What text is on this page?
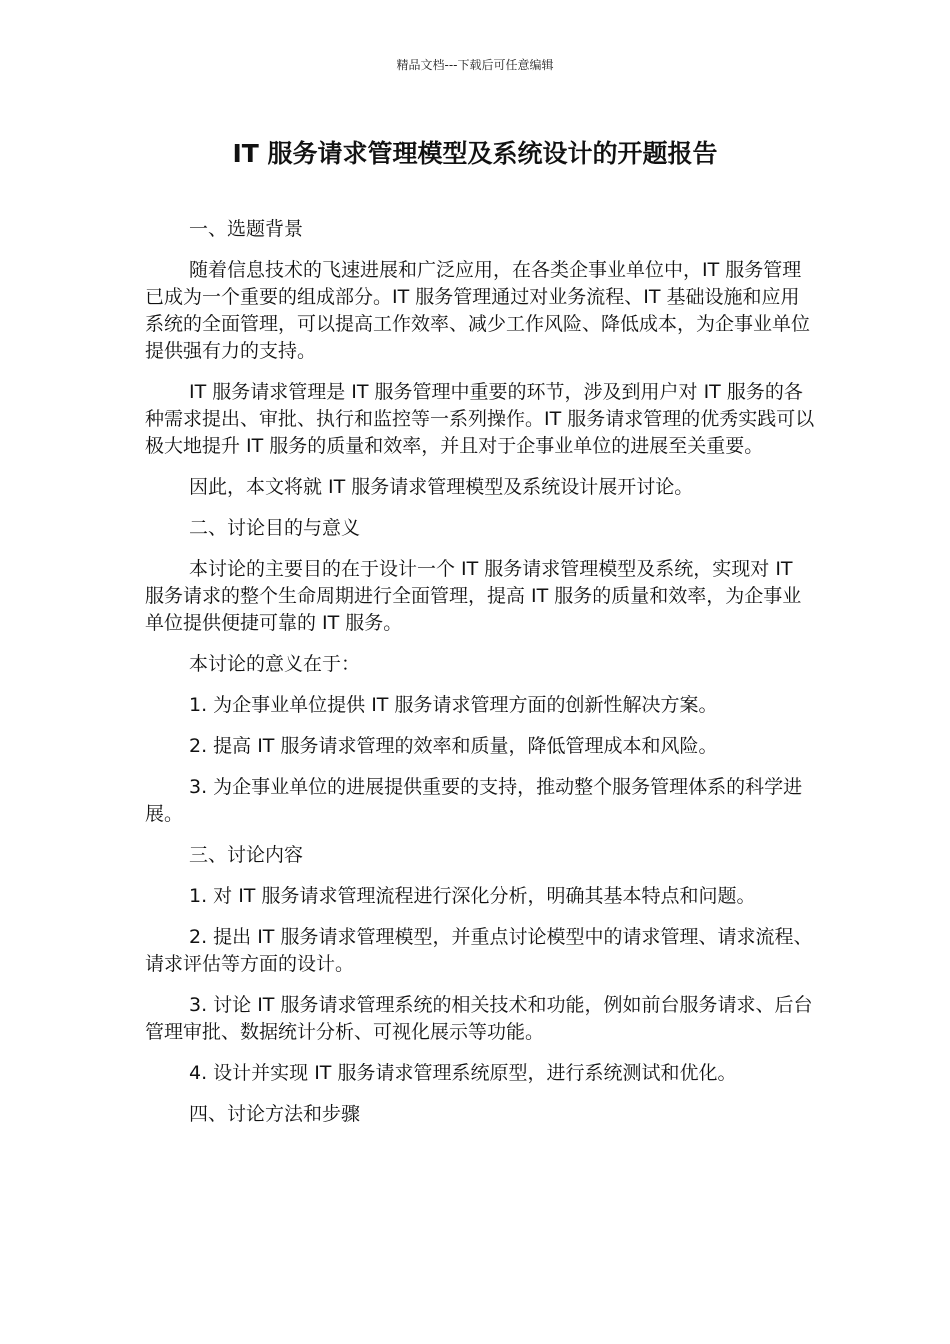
精品文档---下载后可任意编辑
IT 服务请求管理模型及系统设计的开题报告

一、选题背景

随着信息技术的飞速进展和广泛应用，在各类企事业单位中，IT 服务管理已成为一个重要的组成部分。IT 服务管理通过对业务流程、IT 基础设施和应用系统的全面管理，可以提高工作效率、减少工作风险、降低成本，为企事业单位提供强有力的支持。

IT 服务请求管理是 IT 服务管理中重要的环节，涉及到用户对 IT 服务的各种需求提出、审批、执行和监控等一系列操作。IT 服务请求管理的优秀实践可以极大地提升 IT 服务的质量和效率，并且对于企事业单位的进展至关重要。

因此，本文将就 IT 服务请求管理模型及系统设计展开讨论。

二、讨论目的与意义

本讨论的主要目的在于设计一个 IT 服务请求管理模型及系统，实现对 IT 服务请求的整个生命周期进行全面管理，提高 IT 服务的质量和效率，为企事业单位提供便捷可靠的 IT 服务。

本讨论的意义在于：

1. 为企事业单位提供 IT 服务请求管理方面的创新性解决方案。

2. 提高 IT 服务请求管理的效率和质量，降低管理成本和风险。

3. 为企事业单位的进展提供重要的支持，推动整个服务管理体系的科学进展。

三、讨论内容

1. 对 IT 服务请求管理流程进行深化分析，明确其基本特点和问题。

2. 提出 IT 服务请求管理模型，并重点讨论模型中的请求管理、请求流程、请求评估等方面的设计。

3. 讨论 IT 服务请求管理系统的相关技术和功能，例如前台服务请求、后台管理审批、数据统计分析、可视化展示等功能。

4. 设计并实现 IT 服务请求管理系统原型，进行系统测试和优化。

四、讨论方法和步骤
